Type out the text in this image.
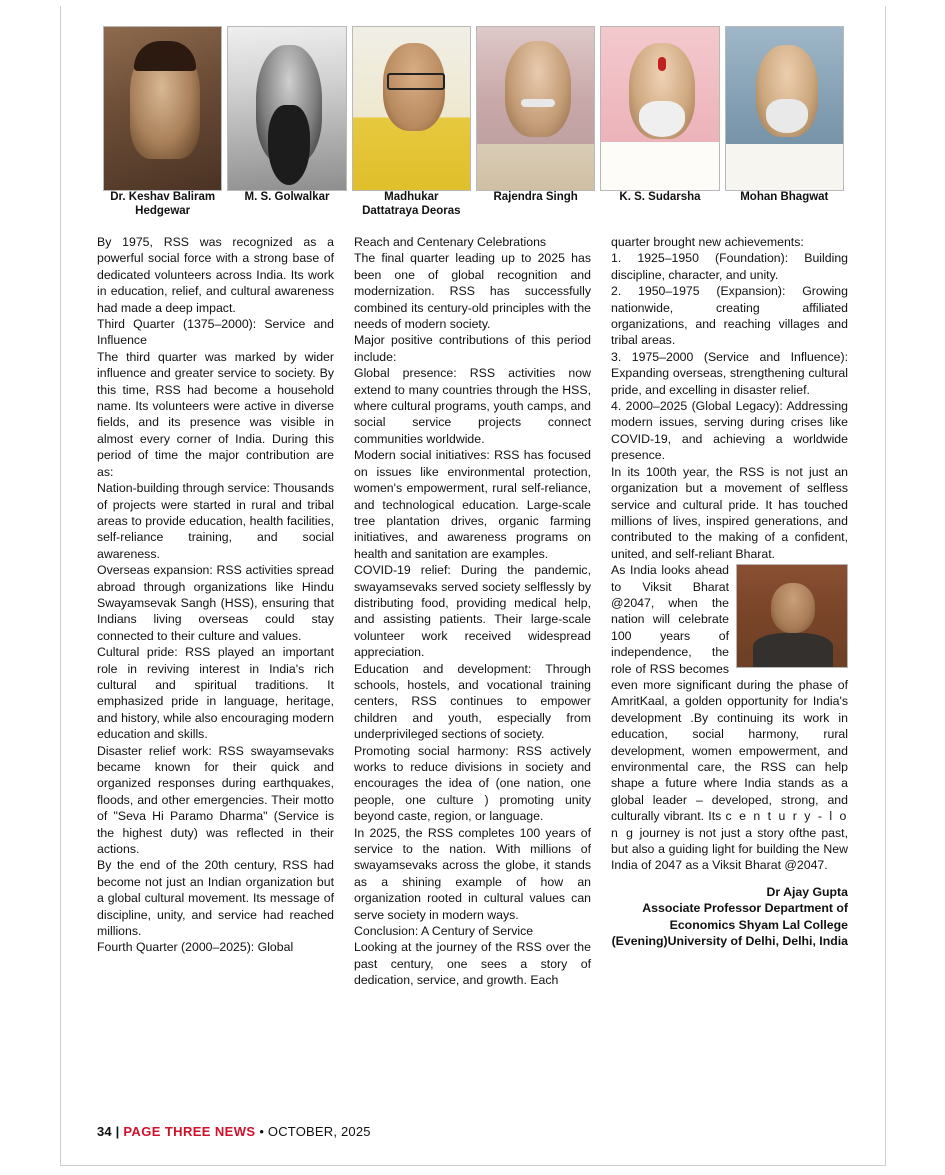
Dr. Keshav Baliram
Hedgewar
M. S. Golwalkar	Madhukar
Dattatraya Deoras
Rajendra Singh	K. S. Sudarsha	Mohan Bhagwat

By 1975, RSS was recognized as a powerful social force with a strong base of dedicated volunteers across India. Its work in education, relief, and cultural awareness had made a deep impact.

Third Quarter (1375–2000): Service and Influence

The third quarter was marked by wider influence and greater service to society. By this time, RSS had become a household name. Its volunteers were active in diverse fields, and its presence was visible in almost every corner of India. During this period of time the major contribution are as:

Nation-building through service: Thousands of projects were started in rural and tribal areas to provide education, health facilities, self-reliance training, and social awareness.

Overseas expansion: RSS activities spread abroad through organizations like Hindu Swayamsevak Sangh (HSS), ensuring that Indians living overseas could stay connected to their culture and values.

Cultural pride: RSS played an important role in reviving interest in India's rich cultural and spiritual traditions. It emphasized pride in language, heritage, and history, while also encouraging modern education and skills.

Disaster relief work: RSS swayamsevaks became known for their quick and organized responses during earthquakes, floods, and other emergencies. Their motto of "Seva Hi Paramo Dharma" (Service is the highest duty) was reflected in their actions.

By the end of the 20th century, RSS had become not just an Indian organization but a global cultural movement. Its message of discipline, unity, and service had reached millions.

Fourth Quarter (2000–2025): Global

Reach and Centenary Celebrations

The final quarter leading up to 2025 has been one of global recognition and modernization. RSS has successfully combined its century-old principles with the needs of modern society.

Major positive contributions of this period include:

Global presence: RSS activities now extend to many countries through the HSS, where cultural programs, youth camps, and social service projects connect communities worldwide.

Modern social initiatives: RSS has focused on issues like environmental protection, women's empowerment, rural self-reliance, and technological education. Large-scale tree plantation drives, organic farming initiatives, and awareness programs on health and sanitation are examples.

COVID-19 relief: During the pandemic, swayamsevaks served society selflessly by distributing food, providing medical help, and assisting patients. Their large-scale volunteer work received widespread appreciation.

Education and development: Through schools, hostels, and vocational training centers, RSS continues to empower children and youth, especially from underprivileged sections of society.

Promoting social harmony: RSS actively works to reduce divisions in society and encourages the idea of (one nation, one people, one culture ) promoting unity beyond caste, region, or language.

In 2025, the RSS completes 100 years of service to the nation. With millions of swayamsevaks across the globe, it stands as a shining example of how an organization rooted in cultural values can serve society in modern ways.

Conclusion: A Century of Service

Looking at the journey of the RSS over the past century, one sees a story of dedication, service, and growth. Each

quarter brought new achievements:

1. 1925–1950 (Foundation): Building discipline, character, and unity.

2. 1950–1975 (Expansion): Growing nationwide, creating affiliated organizations, and reaching villages and tribal areas.

3. 1975–2000 (Service and Influence): Expanding overseas, strengthening cultural pride, and excelling in disaster relief.

4. 2000–2025 (Global Legacy): Addressing modern issues, serving during crises like COVID-19, and achieving a worldwide presence.

In its 100th year, the RSS is not just an organization but a movement of selfless service and cultural pride. It has touched millions of lives, inspired generations, and contributed to the making of a confident, united, and self-reliant Bharat.

As India looks ahead to Viksit Bharat @2047, when the nation will celebrate 100 years of independence, the role of RSS becomes even more significant during the phase of AmritKaal, a golden opportunity for India's development .By continuing its work in education, social harmony, rural development, women empowerment, and environmental care, the RSS can help shape a future where India stands as a global leader – developed, strong, and culturally vibrant. Its c e n t u r y - l o n g journey is not just a story ofthe past, but also a guiding light for building the New India of 2047 as a Viksit Bharat @2047.

Dr Ajay Gupta
Associate Professor Department of Economics Shyam Lal College (Evening)University of Delhi, Delhi, India
34 | PAGE THREE NEWS • OCTOBER, 2025
